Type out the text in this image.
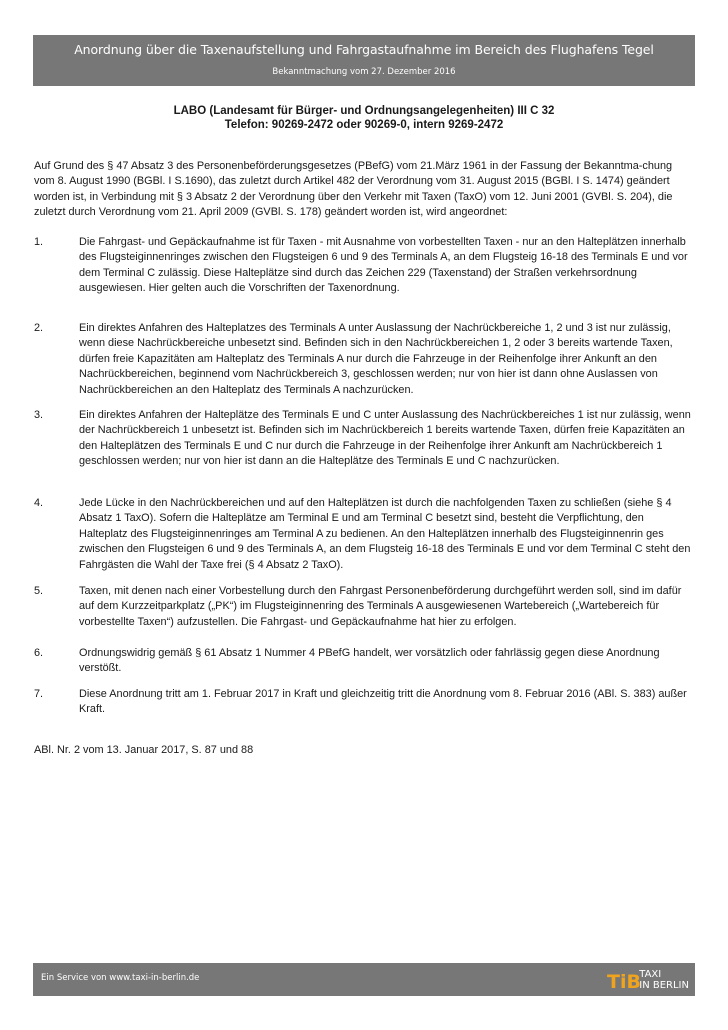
Anordnung über die Taxenaufstellung und Fahrgastaufnahme im Bereich des Flughafens Tegel
Bekanntmachung vom 27. Dezember 2016
LABO (Landesamt für Bürger- und Ordnungsangelegenheiten) III C 32
Telefon: 90269-2472 oder 90269-0, intern 9269-2472

Auf Grund des § 47 Absatz 3 des Personenbeförderungsgesetzes (PBefG) vom 21.März 1961 in der Fassung der Bekanntma-chung vom 8. August 1990 (BGBl. I S.1690), das zuletzt durch Artikel 482 der Verordnung vom 31. August 2015 (BGBl. I S. 1474) geändert worden ist, in Verbindung mit § 3 Absatz 2 der Verordnung über den Verkehr mit Taxen (TaxO) vom 12. Juni 2001 (GVBl. S. 204), die zuletzt durch Verordnung vom 21. April 2009 (GVBl. S. 178) geändert worden ist, wird angeordnet:

1.	Die Fahrgast- und Gepäckaufnahme ist für Taxen - mit Ausnahme von vorbestellten Taxen - nur an den Halteplätzen innerhalb des Flugsteiginnenringes zwischen den Flugsteigen 6 und 9 des Terminals A, an dem Flugsteig 16-18 des Terminals E und vor dem Terminal C zulässig. Diese Halteplätze sind durch das Zeichen 229 (Taxenstand) der Straßen verkehrsordnung ausgewiesen. Hier gelten auch die Vorschriften der Taxenordnung.

2.	Ein direktes Anfahren des Halteplatzes des Terminals A unter Auslassung der Nachrückbereiche 1, 2 und 3 ist nur zulässig, wenn diese Nachrückbereiche unbesetzt sind. Befinden sich in den Nachrückbereichen 1, 2 oder 3 bereits wartende Taxen, dürfen freie Kapazitäten am Halteplatz des Terminals A nur durch die Fahrzeuge in der Reihenfolge ihrer Ankunft an den Nachrückbereichen, beginnend vom Nachrückbereich 3, geschlossen werden; nur von hier ist dann ohne Auslassen von Nachrückbereichen an den Halteplatz des Terminals A nachzurücken.

3.	Ein direktes Anfahren der Halteplätze des Terminals E und C unter Auslassung des Nachrückbereiches 1 ist nur zulässig, wenn der Nachrückbereich 1 unbesetzt ist. Befinden sich im Nachrückbereich 1 bereits wartende Taxen, dürfen freie Kapazitäten an den Halteplätzen des Terminals E und C nur durch die Fahrzeuge in der Reihenfolge ihrer Ankunft am Nachrückbereich 1 geschlossen werden; nur von hier ist dann an die Halteplätze des Terminals E und C nachzurücken.

4.	Jede Lücke in den Nachrückbereichen und auf den Halteplätzen ist durch die nachfolgenden Taxen zu schließen (siehe § 4 Absatz 1 TaxO). Sofern die Halteplätze am Terminal E und am Terminal C besetzt sind, besteht die Verpflichtung, den Halteplatz des Flugsteiginnenringes am Terminal A zu bedienen. An den Halteplätzen innerhalb des Flugsteiginnenrin ges zwischen den Flugsteigen 6 und 9 des Terminals A, an dem Flugsteig 16-18 des Terminals E und vor dem Terminal C steht den Fahrgästen die Wahl der Taxe frei (§ 4 Absatz 2 TaxO).

5.	Taxen, mit denen nach einer Vorbestellung durch den Fahrgast Personenbeförderung durchgeführt werden soll, sind im dafür auf dem Kurzzeitparkplatz („PK“) im Flugsteiginnenring des Terminals A ausgewiesenen Wartebereich („Wartebereich für vorbestellte Taxen“) aufzustellen. Die Fahrgast- und Gepäckaufnahme hat hier zu erfolgen.

6.	Ordnungswidrig gemäß § 61 Absatz 1 Nummer 4 PBefG handelt, wer vorsätzlich oder fahrlässig gegen diese Anordnung verstößt.

7.	Diese Anordnung tritt am 1. Februar 2017 in Kraft und gleichzeitig tritt die Anordnung vom 8. Februar 2016 (ABl. S. 383) außer Kraft.

ABl. Nr. 2 vom 13. Januar 2017, S. 87 und 88
Ein Service von www.taxi-in-berlin.de	TiB
TAXI
IN BERLIN
